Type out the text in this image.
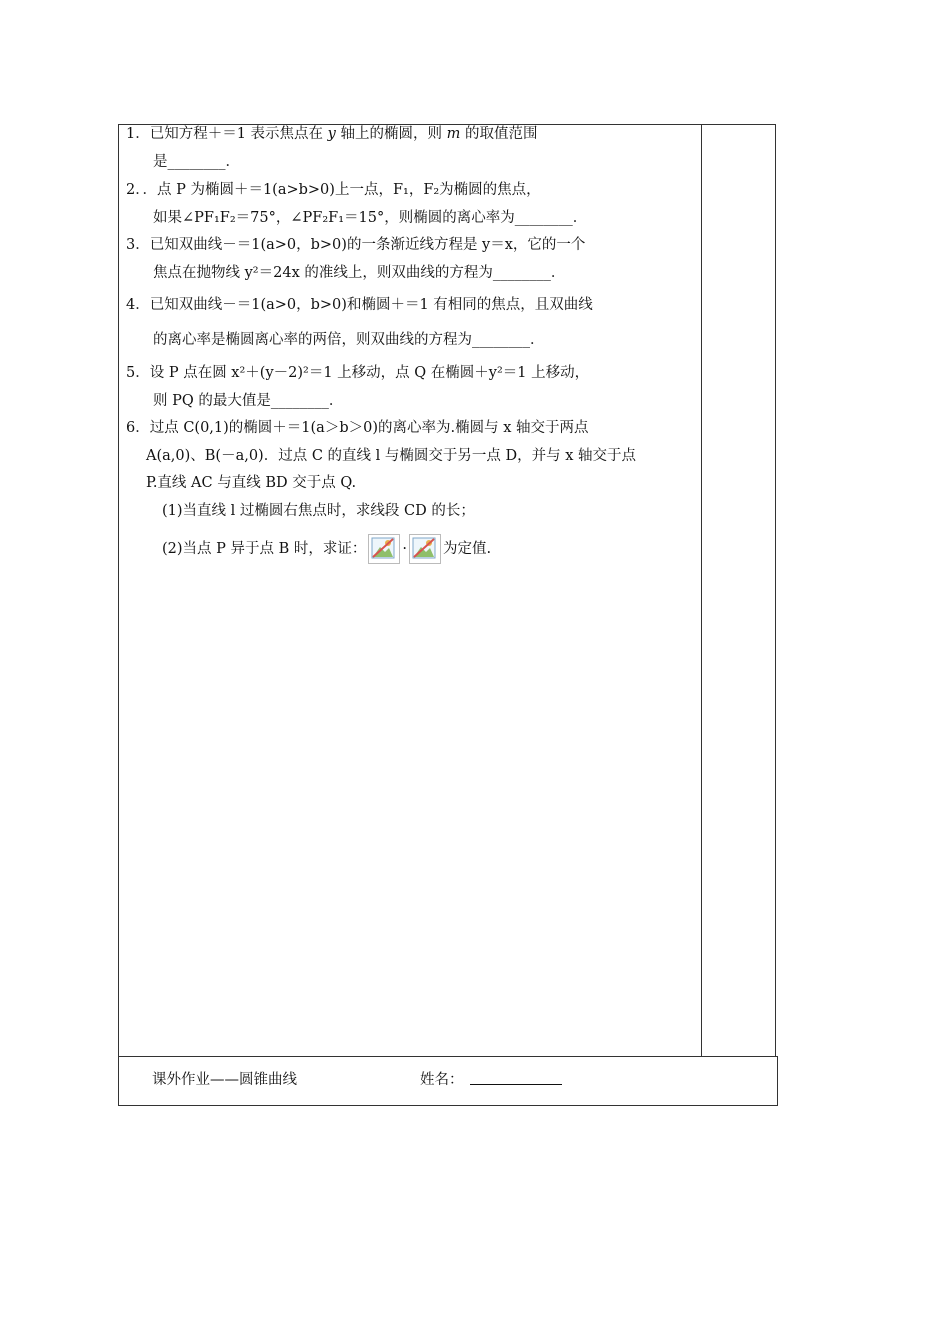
1．已知方程＋＝1 表示焦点在 y 轴上的椭圆，则 m 的取值范围
是________．
2．．点 P 为椭圆＋＝1(a>b>0)上一点，F₁，F₂为椭圆的焦点，
如果∠PF₁F₂＝75°，∠PF₂F₁＝15°，则椭圆的离心率为________．
3．已知双曲线－＝1(a>0，b>0)的一条渐近线方程是 y＝x，它的一个
焦点在抛物线 y²＝24x 的准线上，则双曲线的方程为________．
4．已知双曲线－＝1(a>0，b>0)和椭圆＋＝1 有相同的焦点，且双曲线
的离心率是椭圆离心率的两倍，则双曲线的方程为________．
5．设 P 点在圆 x²＋(y－2)²＝1 上移动，点 Q 在椭圆＋y²＝1 上移动，
则 PQ 的最大值是________．
6．过点 C(0,1)的椭圆＋＝1(a＞b＞0)的离心率为.椭圆与 x 轴交于两点
A(a,0)、B(－a,0)．过点 C 的直线 l 与椭圆交于另一点 D，并与 x 轴交于点
P.直线 AC 与直线 BD 交于点 Q.
(1)当直线 l 过椭圆右焦点时，求线段 CD 的长；
(2)当点 P 异于点 B 时，求证： · 为定值.
课外作业——圆锥曲线	姓名：
